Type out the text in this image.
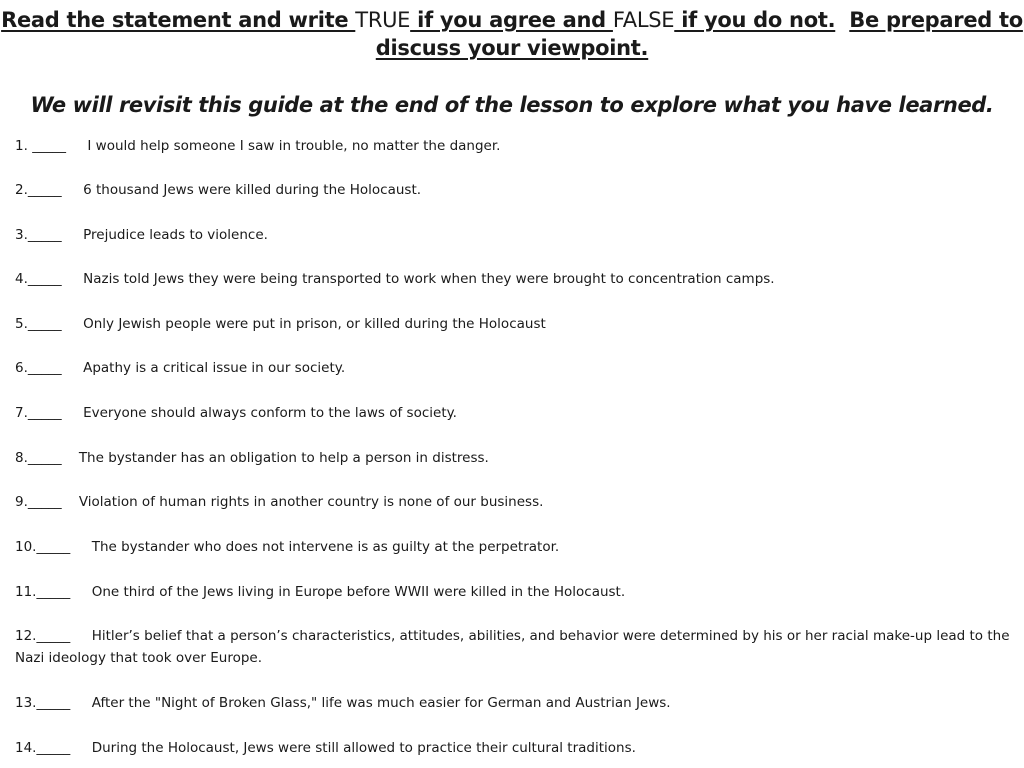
Read the statement and write TRUE if you agree and FALSE if you do not. Be prepared to
discuss your viewpoint.
We will revisit this guide at the end of the lesson to explore what you have learned.
1. _____ I would help someone I saw in trouble, no matter the danger.
2._____ 6 thousand Jews were killed during the Holocaust.
3._____ Prejudice leads to violence.
4._____ Nazis told Jews they were being transported to work when they were brought to concentration camps.
5._____ Only Jewish people were put in prison, or killed during the Holocaust
6._____ Apathy is a critical issue in our society.
7._____ Everyone should always conform to the laws of society.
8._____ The bystander has an obligation to help a person in distress.
9._____ Violation of human rights in another country is none of our business.
10._____ The bystander who does not intervene is as guilty at the perpetrator.
11._____ One third of the Jews living in Europe before WWII were killed in the Holocaust.
12._____ Hitler’s belief that a person’s characteristics, attitudes, abilities, and behavior were determined by his or her racial make-up lead to the Nazi ideology that took over Europe.
13._____ After the "Night of Broken Glass," life was much easier for German and Austrian Jews.
14._____ During the Holocaust, Jews were still allowed to practice their cultural traditions.
